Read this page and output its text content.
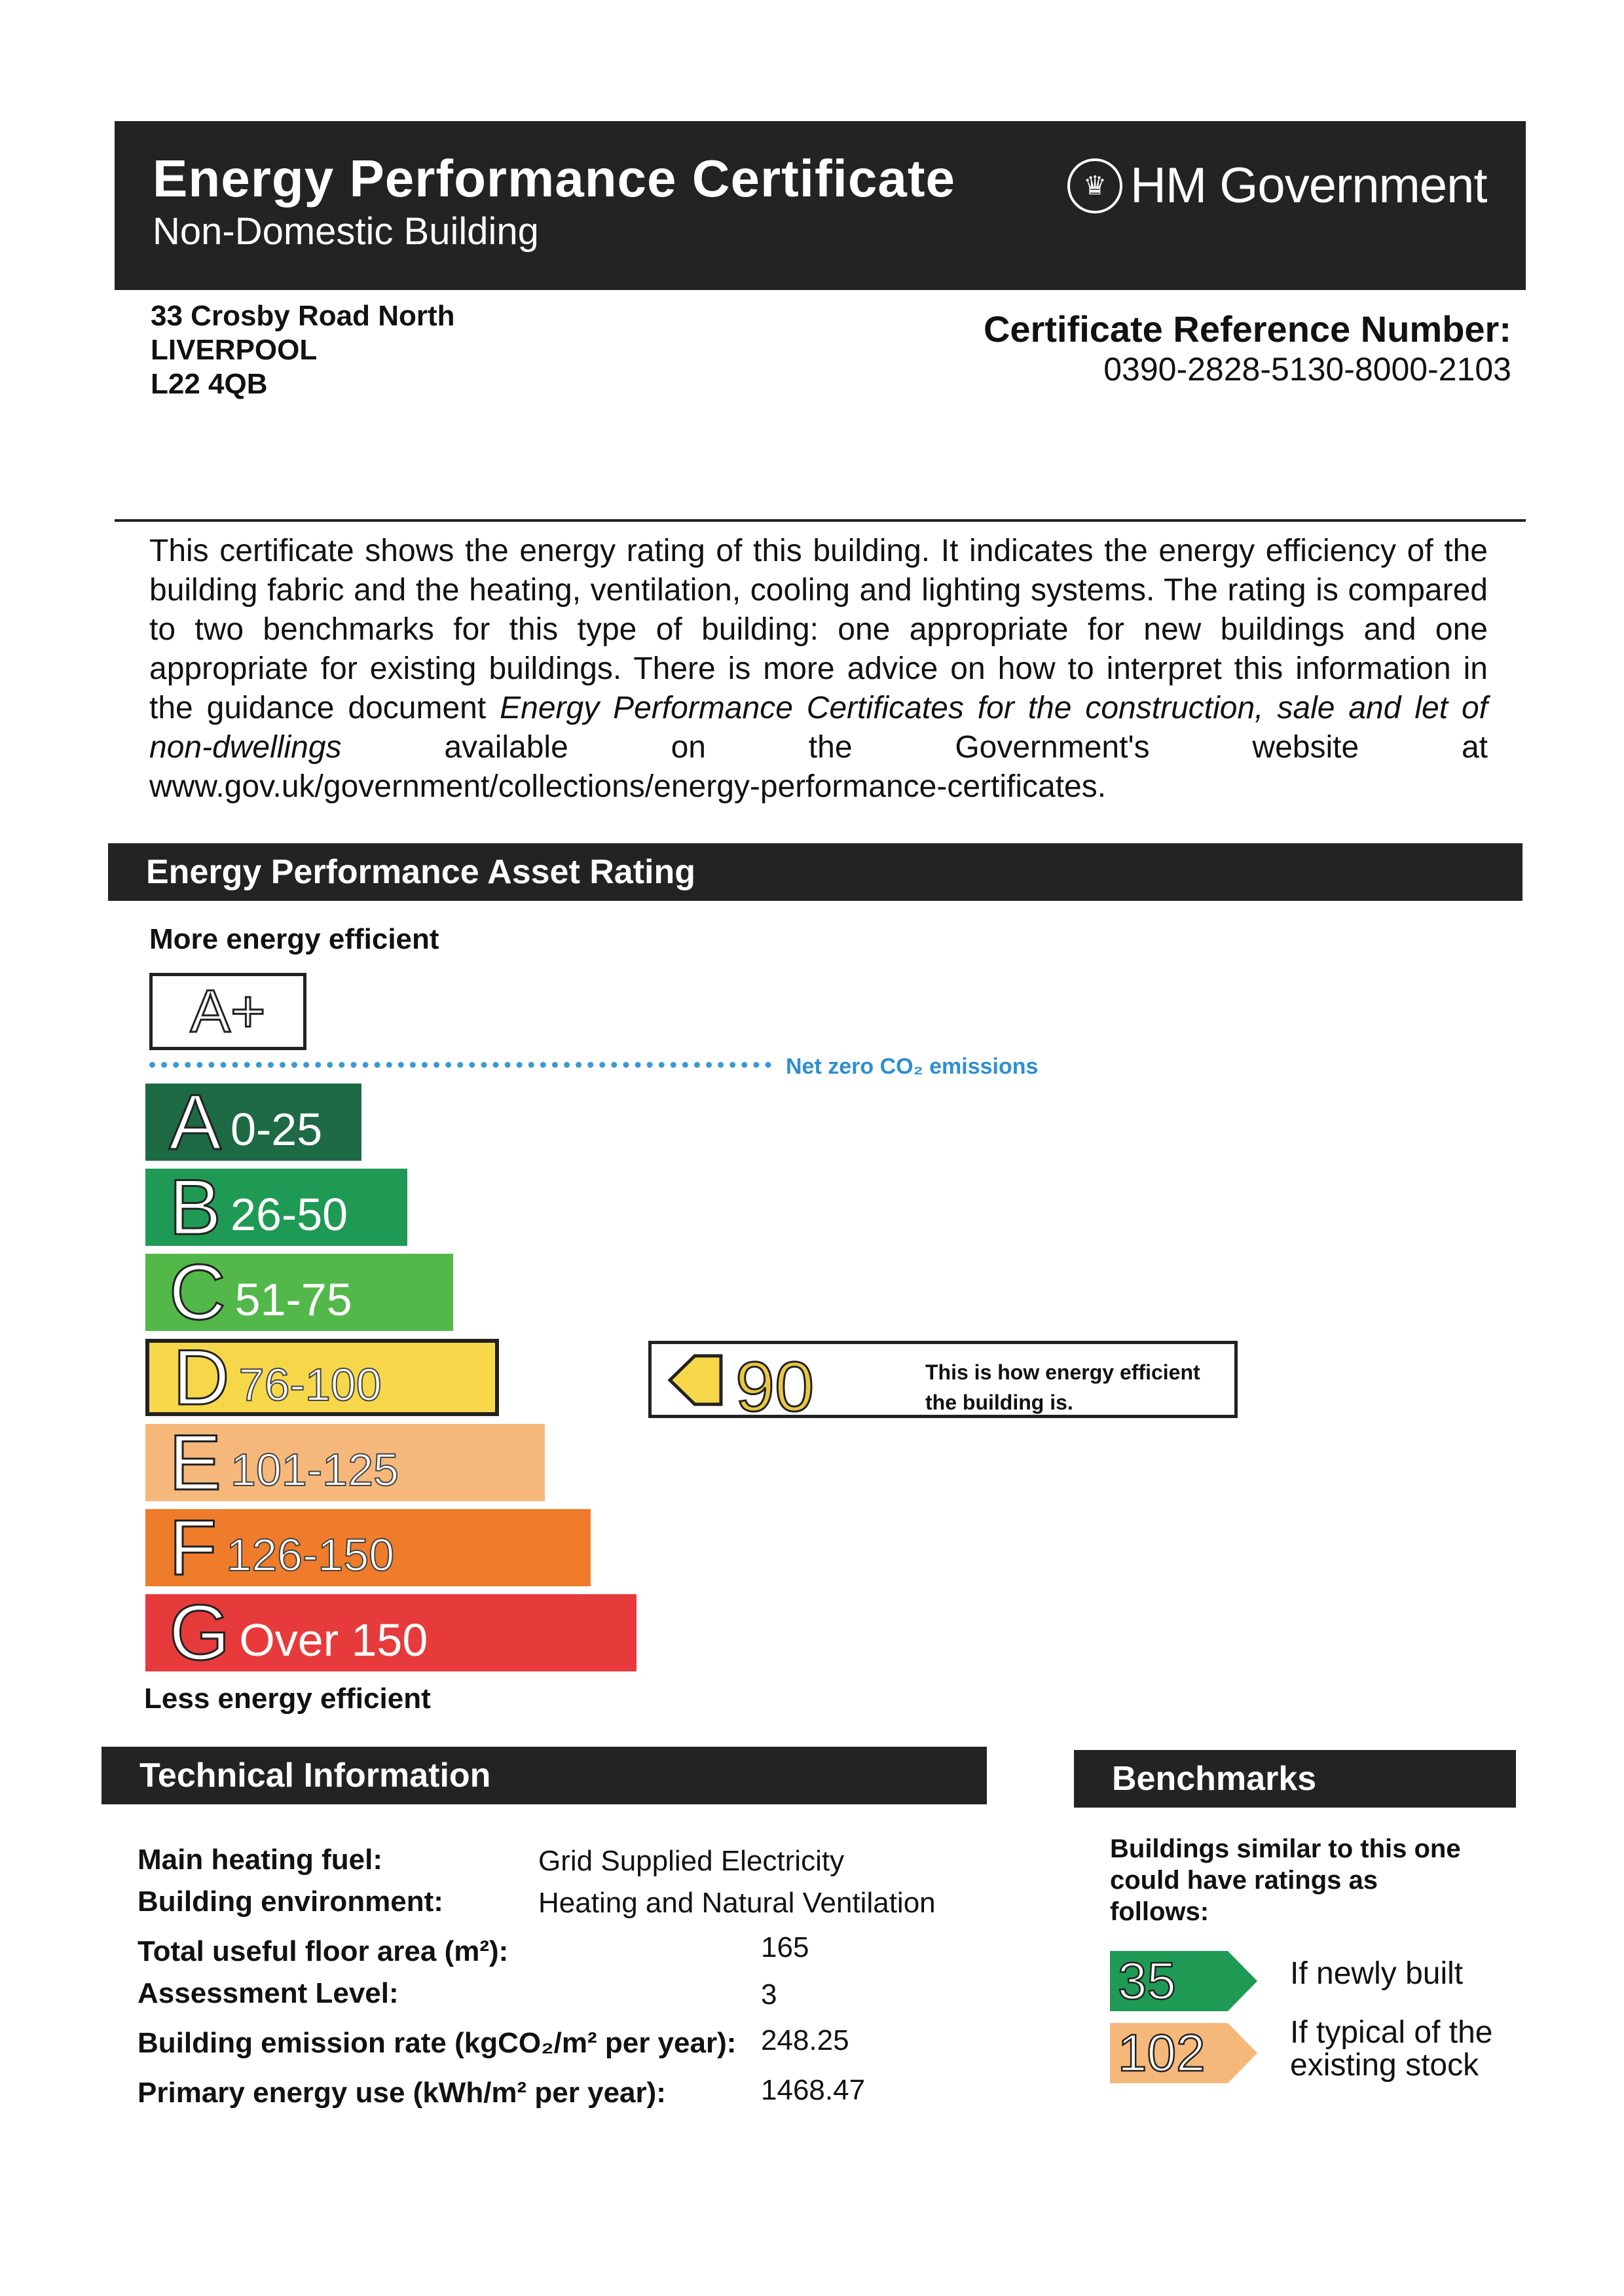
Energy Performance Certificate
Non-Domestic Building
♛ HM Government
33 Crosby Road North
LIVERPOOL
L22 4QB
Certificate Reference Number:
0390-2828-5130-8000-2103
This certificate shows the energy rating of this building. It indicates the energy efficiency of the building fabric and the heating, ventilation, cooling and lighting systems. The rating is compared to two benchmarks for this type of building: one appropriate for new buildings and one appropriate for existing buildings. There is more advice on how to interpret this information in the guidance document Energy Performance Certificates for the construction, sale and let of non-dwellings available on the Government's website at www.gov.uk/government/collections/energy-performance-certificates.
Energy Performance Asset Rating
More energy efficient
A+
Net zero CO₂ emissions
A 0-25
B 26-50
C 51-75
D 76-100
E 101-125
F 126-150
G Over 150
Less energy efficient
90	This is how energy efficient the building is.
Technical Information
Main heating fuel:	Grid Supplied Electricity
Building environment:	Heating and Natural Ventilation
Total useful floor area (m²):	165
Assessment Level:	3
Building emission rate (kgCO₂/m² per year): 248.25
Primary energy use (kWh/m² per year):	1468.47
Benchmarks
Buildings similar to this one could have ratings as follows:
35	If newly built
102	If typical of the existing stock
